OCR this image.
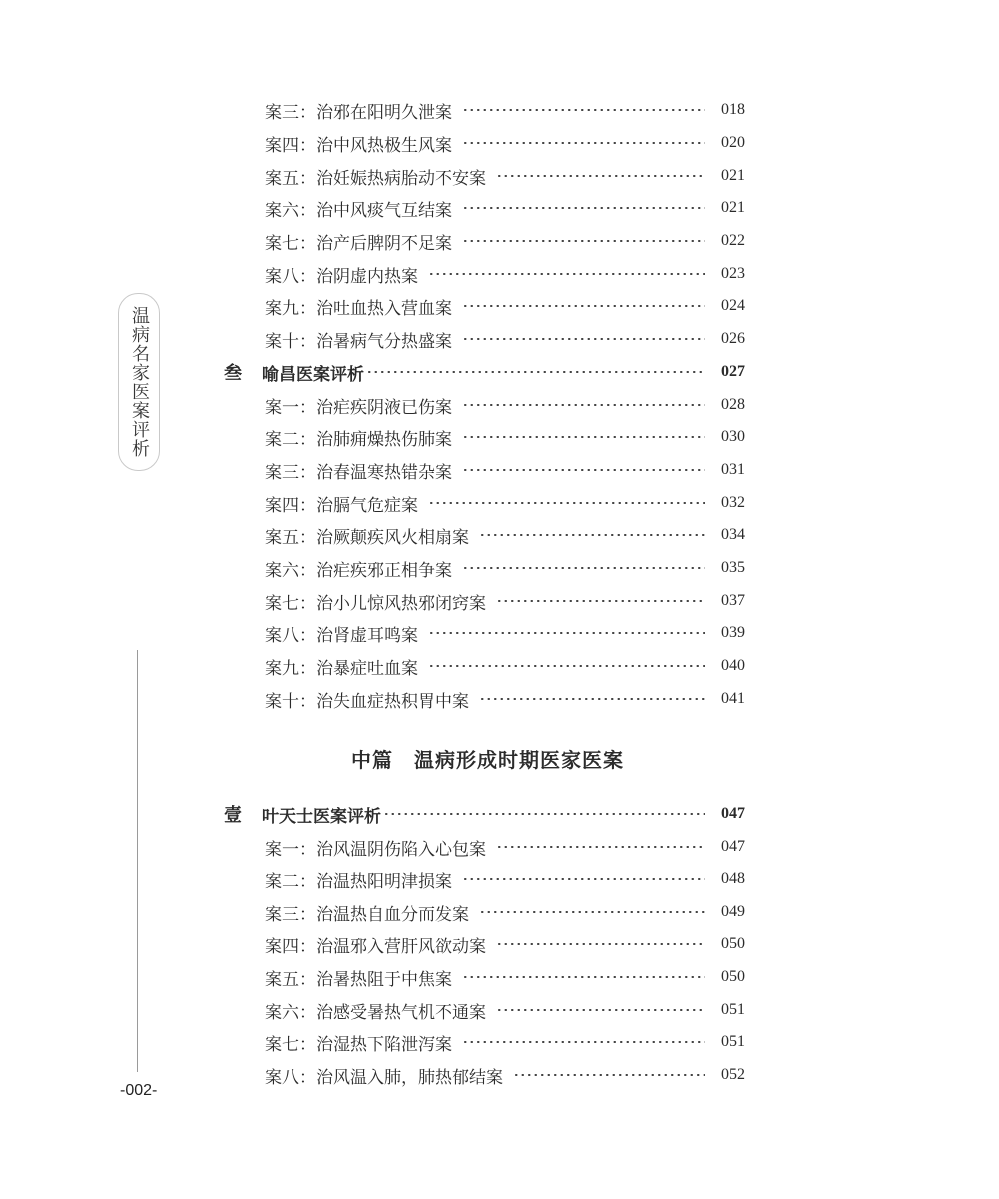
温病名家医案评析
-002-
案三：治邪在阳明久泄案	018
案四：治中风热极生风案	020
案五：治妊娠热病胎动不安案	021
案六：治中风痰气互结案	021
案七：治产后脾阴不足案	022
案八：治阴虚内热案	023
案九：治吐血热入营血案	024
案十：治暑病气分热盛案	026
叁	喻昌医案评析	027
案一：治疟疾阴液已伤案	028
案二：治肺痈燥热伤肺案	030
案三：治春温寒热错杂案	031
案四：治膈气危症案	032
案五：治厥颠疾风火相扇案	034
案六：治疟疾邪正相争案	035
案七：治小儿惊风热邪闭窍案	037
案八：治肾虚耳鸣案	039
案九：治暴症吐血案	040
案十：治失血症热积胃中案	041
中篇　温病形成时期医家医案
壹	叶天士医案评析	047
案一：治风温阴伤陷入心包案	047
案二：治温热阳明津损案	048
案三：治温热自血分而发案	049
案四：治温邪入营肝风欲动案	050
案五：治暑热阻于中焦案	050
案六：治感受暑热气机不通案	051
案七：治湿热下陷泄泻案	051
案八：治风温入肺，肺热郁结案	052
